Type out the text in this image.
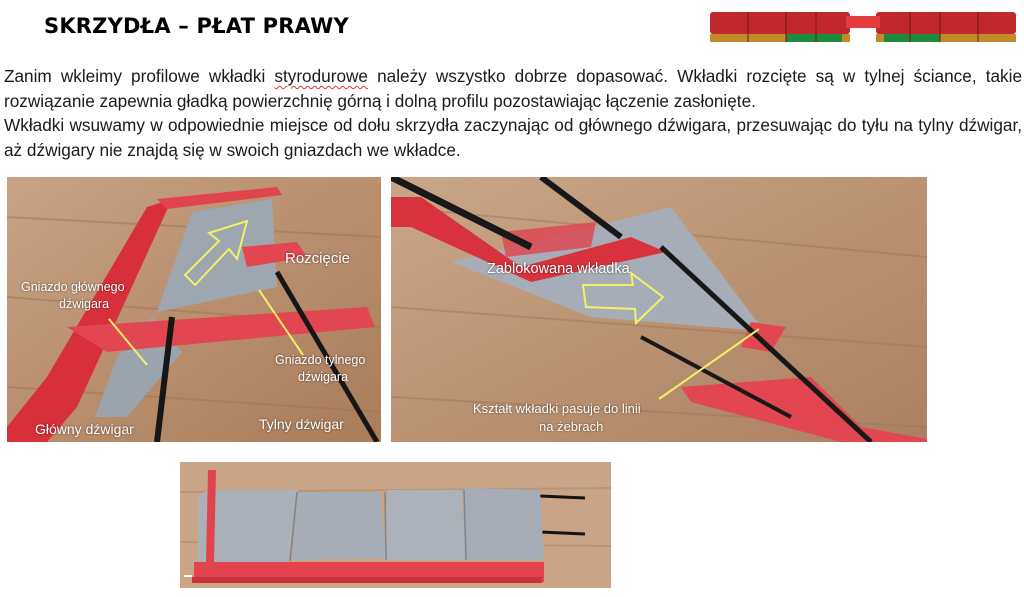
SKRZYDŁA – PŁAT PRAWY

Zanim wkleimy profilowe wkładki styrodurowe należy wszystko dobrze dopasować. Wkładki rozcięte są w tylnej ściance, takie rozwiązanie zapewnia gładką powierzchnię górną i dolną profilu pozostawiając łączenie zasłonięte.

Wkładki wsuwamy w odpowiednie miejsce od dołu skrzydła zaczynając od głównego dźwigara, przesuwając do tyłu na tylny dźwigar, aż dźwigary nie znajdą się w swoich gniazdach we wkładce.

Rozcięcie
Gniazdo głównego
dźwigara
Gniazdo tylnego
dźwigara
Główny dźwigar	Tylny dźwigar
Zablokowana wkładka
Kształt wkładki pasuje do linii
na żebrach
